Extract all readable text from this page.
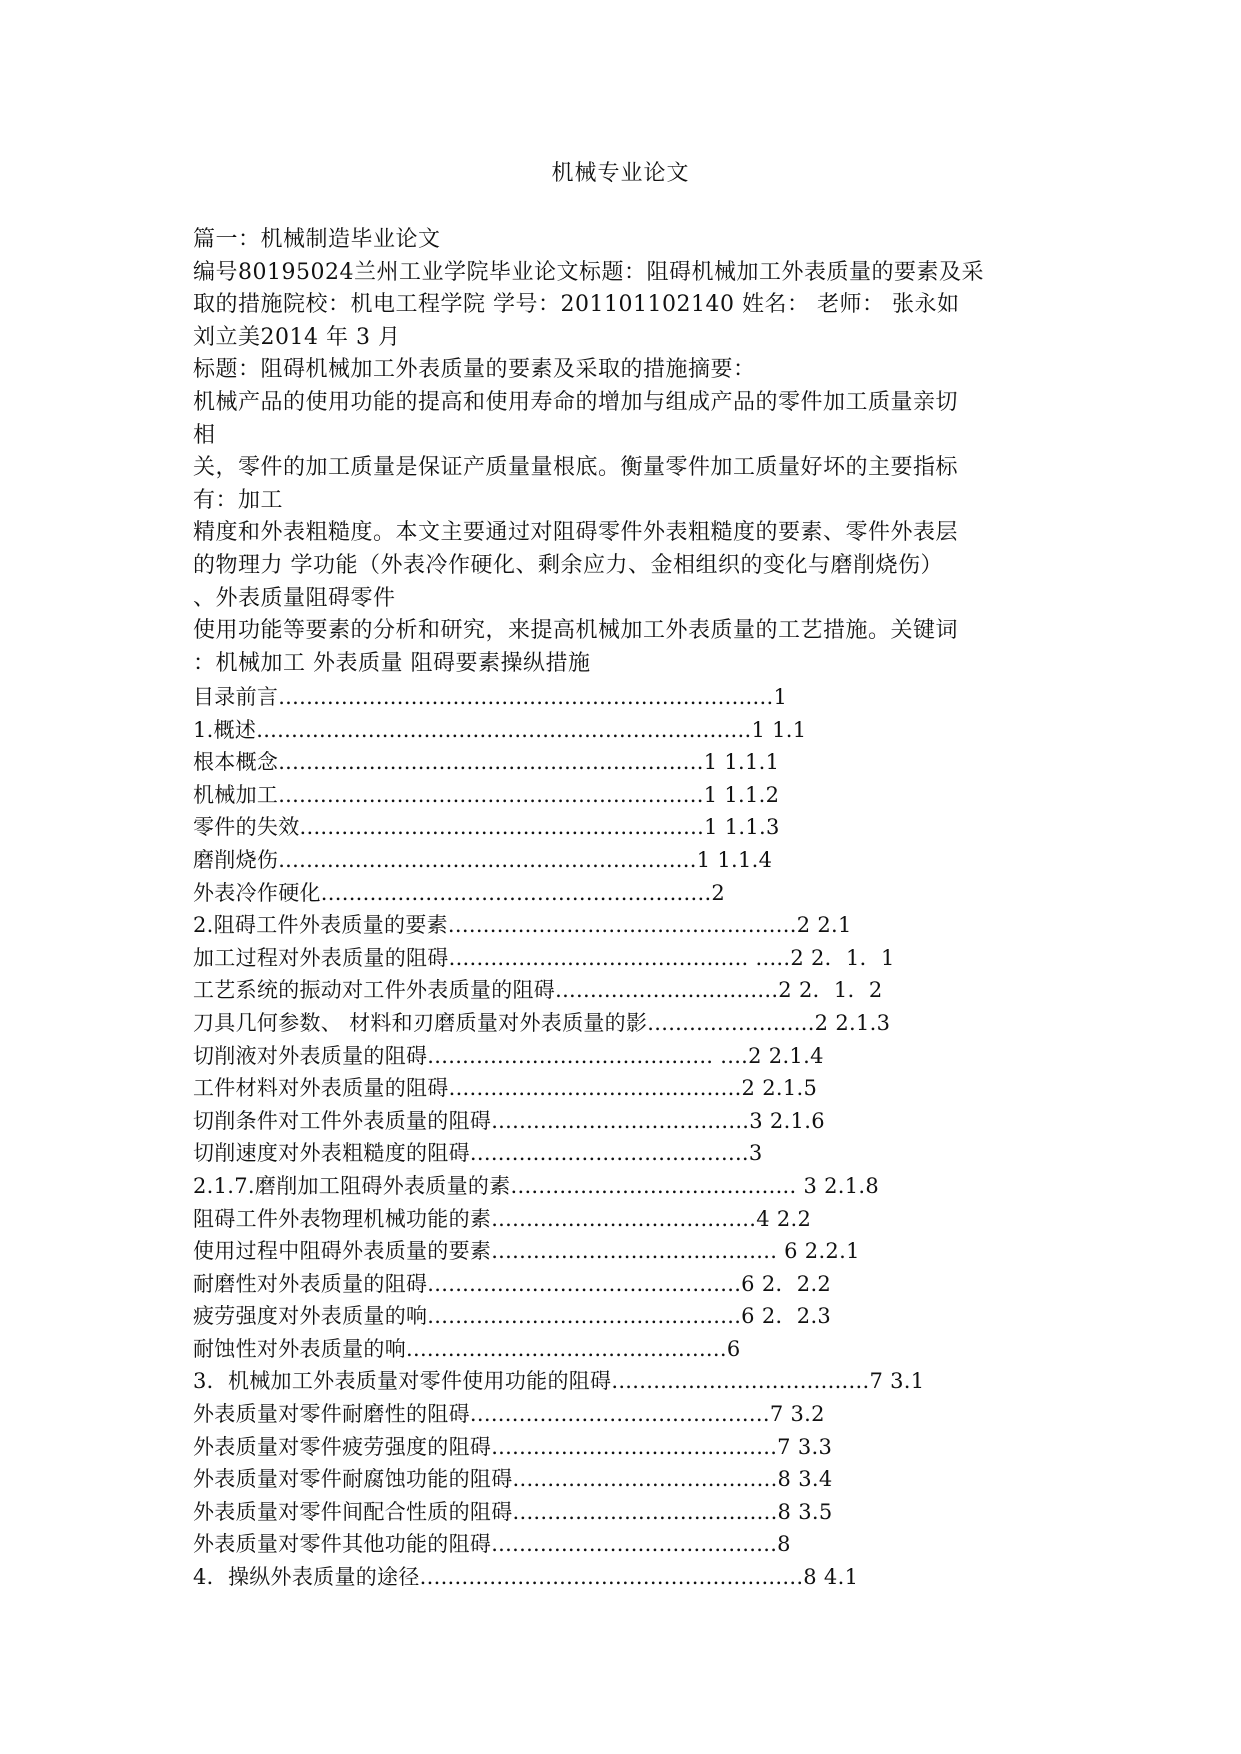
机械专业论文
篇一：机械制造毕业论文
编号80195024兰州工业学院毕业论文标题：阻碍机械加工外表质量的要素及采
取的措施院校：机电工程学院 学号：201101102140 姓名： 老师： 张永如
刘立美2014 年 3 月
标题：阻碍机械加工外表质量的要素及采取的措施摘要：
机械产品的使用功能的提高和使用寿命的增加与组成产品的零件加工质量亲切
相
关，零件的加工质量是保证产质量量根底。衡量零件加工质量好坏的主要指标
有：加工
精度和外表粗糙度。本文主要通过对阻碍零件外表粗糙度的要素、零件外表层
的物理力 学功能（外表冷作硬化、剩余应力、金相组织的变化与磨削烧伤）
、外表质量阻碍零件
使用功能等要素的分析和研究，来提高机械加工外表质量的工艺措施。关键词
：机械加工 外表质量 阻碍要素操纵措施
目录前言.......................................................................1
1.概述.......................................................................1 1.1
根本概念.............................................................1 1.1.1
机械加工.............................................................1 1.1.2
零件的失效..........................................................1 1.1.3
磨削烧伤............................................................1 1.1.4
外表冷作硬化........................................................2
2.阻碍工件外表质量的要素..................................................2 2.1
加工过程对外表质量的阻碍........................................... .....2 2．1．1
工艺系统的振动对工件外表质量的阻碍................................2 2．1．2
刀具几何参数、 材料和刃磨质量对外表质量的影........................2 2.1.3
切削液对外表质量的阻碍......................................... ....2 2.1.4
工件材料对外表质量的阻碍..........................................2 2.1.5
切削条件对工件外表质量的阻碍.....................................3 2.1.6
切削速度对外表粗糙度的阻碍........................................3
2.1.7.磨削加工阻碍外表质量的素......................................... 3 2.1.8
阻碍工件外表物理机械功能的素......................................4 2.2
使用过程中阻碍外表质量的要素......................................... 6 2.2.1
耐磨性对外表质量的阻碍.............................................6 2．2.2
疲劳强度对外表质量的响.............................................6 2．2.3
耐蚀性对外表质量的响..............................................6
3．机械加工外表质量对零件使用功能的阻碍.....................................7 3.1
外表质量对零件耐磨性的阻碍...........................................7 3.2
外表质量对零件疲劳强度的阻碍.........................................7 3.3
外表质量对零件耐腐蚀功能的阻碍......................................8 3.4
外表质量对零件间配合性质的阻碍......................................8 3.5
外表质量对零件其他功能的阻碍.........................................8
4．操纵外表质量的途径.......................................................8 4.1
